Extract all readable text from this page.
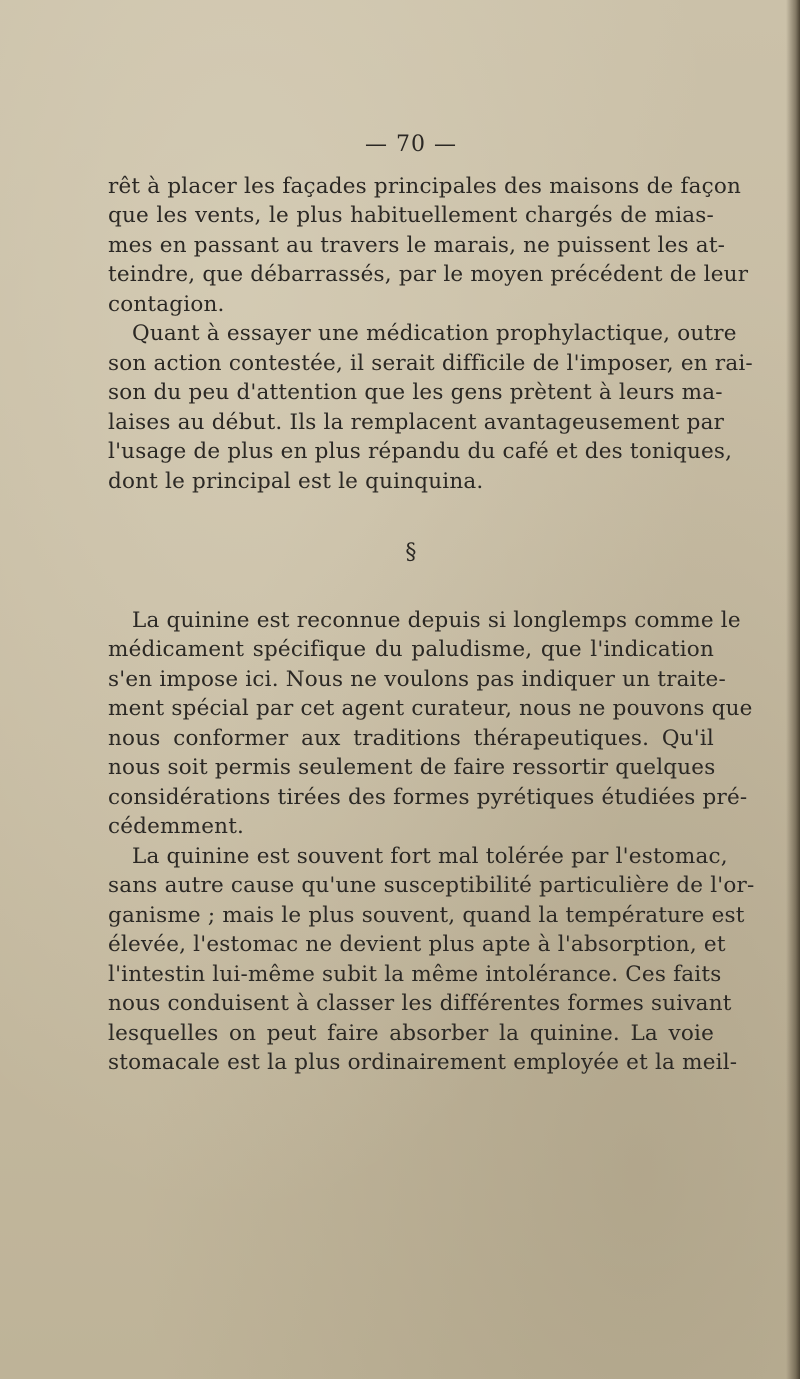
— 70 —
rêt à placer les façades principales des maisons de façon
que les vents, le plus habituellement chargés de mias-
mes en passant au travers le marais, ne puissent les at-
teindre, que débarrassés, par le moyen précédent de leur
contagion.
Quant à essayer une médication prophylactique, outre
son action contestée, il serait difficile de l'imposer, en rai-
son du peu d'attention que les gens prètent à leurs ma-
laises au début. Ils la remplacent avantageusement par
l'usage de plus en plus répandu du café et des toniques,
dont le principal est le quinquina.
§
La quinine est reconnue depuis si longlemps comme le
médicament spécifique du paludisme, que l'indication
s'en impose ici. Nous ne voulons pas indiquer un traite-
ment spécial par cet agent curateur, nous ne pouvons que
nous conformer aux traditions thérapeutiques. Qu'il
nous soit permis seulement de faire ressortir quelques
considérations tirées des formes pyrétiques étudiées pré-
cédemment.
La quinine est souvent fort mal tolérée par l'estomac,
sans autre cause qu'une susceptibilité particulière de l'or-
ganisme ; mais le plus souvent, quand la température est
élevée, l'estomac ne devient plus apte à l'absorption, et
l'intestin lui-même subit la même intolérance. Ces faits
nous conduisent à classer les différentes formes suivant
lesquelles on peut faire absorber la quinine. La voie
stomacale est la plus ordinairement employée et la meil-
